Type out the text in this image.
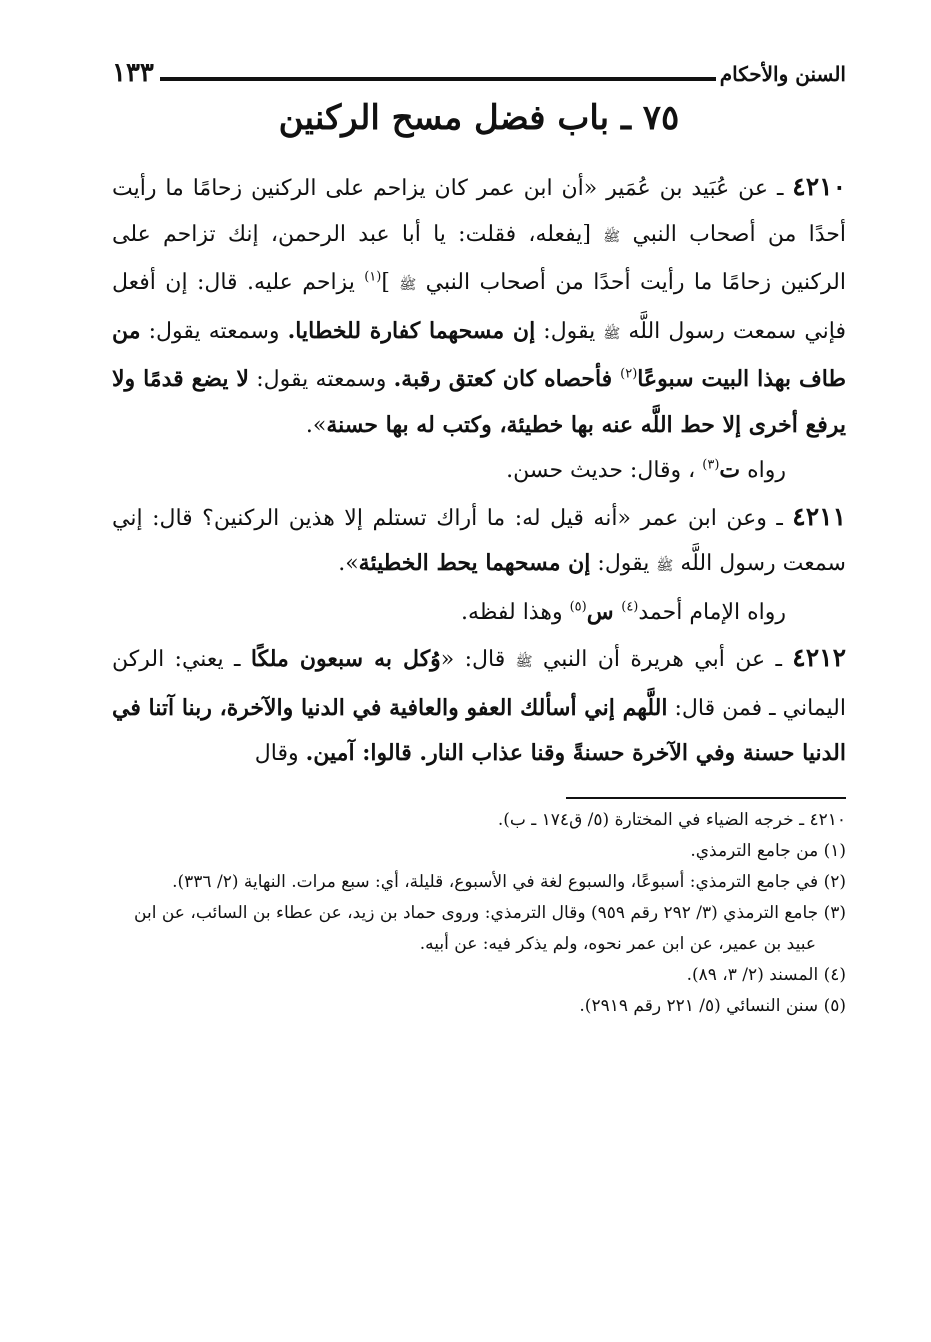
السنن والأحكام
١٣٣
٧٥ ـ باب فضل مسح الركنين

٤٢١٠ ـ عن عُبَيد بن عُمَير «أن ابن عمر كان يزاحم على الركنين زحامًا ما رأيت أحدًا من أصحاب النبي ﷺ [يفعله، فقلت: يا أبا عبد الرحمن، إنك تزاحم على الركنين زحامًا ما رأيت أحدًا من أصحاب النبي ﷺ ]$^{(١)}$ يزاحم عليه. قال: إن أفعل فإني سمعت رسول اللَّه ﷺ يقول: إن مسحهما كفارة للخطايا. وسمعته يقول: من طاف بهذا البيت سبوعًا$^{(٢)}$ فأحصاه كان كعتق رقبة. وسمعته يقول: لا يضع قدمًا ولا يرفع أخرى إلا حط اللَّه عنه بها خطيئة، وكتب له بها حسنة».

رواه ت$^{(٣)}$ ، وقال: حديث حسن.

٤٢١١ ـ وعن ابن عمر «أنه قيل له: ما أراك تستلم إلا هذين الركنين؟ قال: إني سمعت رسول اللَّه ﷺ يقول: إن مسحهما يحط الخطيئة».

رواه الإمام أحمد$^{(٤)}$ س$^{(٥)}$ وهذا لفظه.

٤٢١٢ ـ عن أبي هريرة أن النبي ﷺ قال: «وُكل به سبعون ملكًا ـ يعني: الركن اليماني ـ فمن قال: اللَّهم إني أسألك العفو والعافية في الدنيا والآخرة، ربنا آتنا في الدنيا حسنة وفي الآخرة حسنةً وقنا عذاب النار. قالوا: آمين. وقال

٤٢١٠ ـ خرجه الضياء في المختارة (٥/ ق١٧٤ ـ ب).

(١) من جامع الترمذي.

(٢) في جامع الترمذي: أسبوعًا، والسبوع لغة في الأسبوع، قليلة، أي: سبع مرات. النهاية (٢/ ٣٣٦).

(٣) جامع الترمذي (٣/ ٢٩٢ رقم ٩٥٩) وقال الترمذي: وروى حماد بن زيد، عن عطاء بن السائب، عن ابن عبيد بن عمير، عن ابن عمر نحوه، ولم يذكر فيه: عن أبيه.

(٤) المسند (٢/ ٣، ٨٩).

(٥) سنن النسائي (٥/ ٢٢١ رقم ٢٩١٩).
